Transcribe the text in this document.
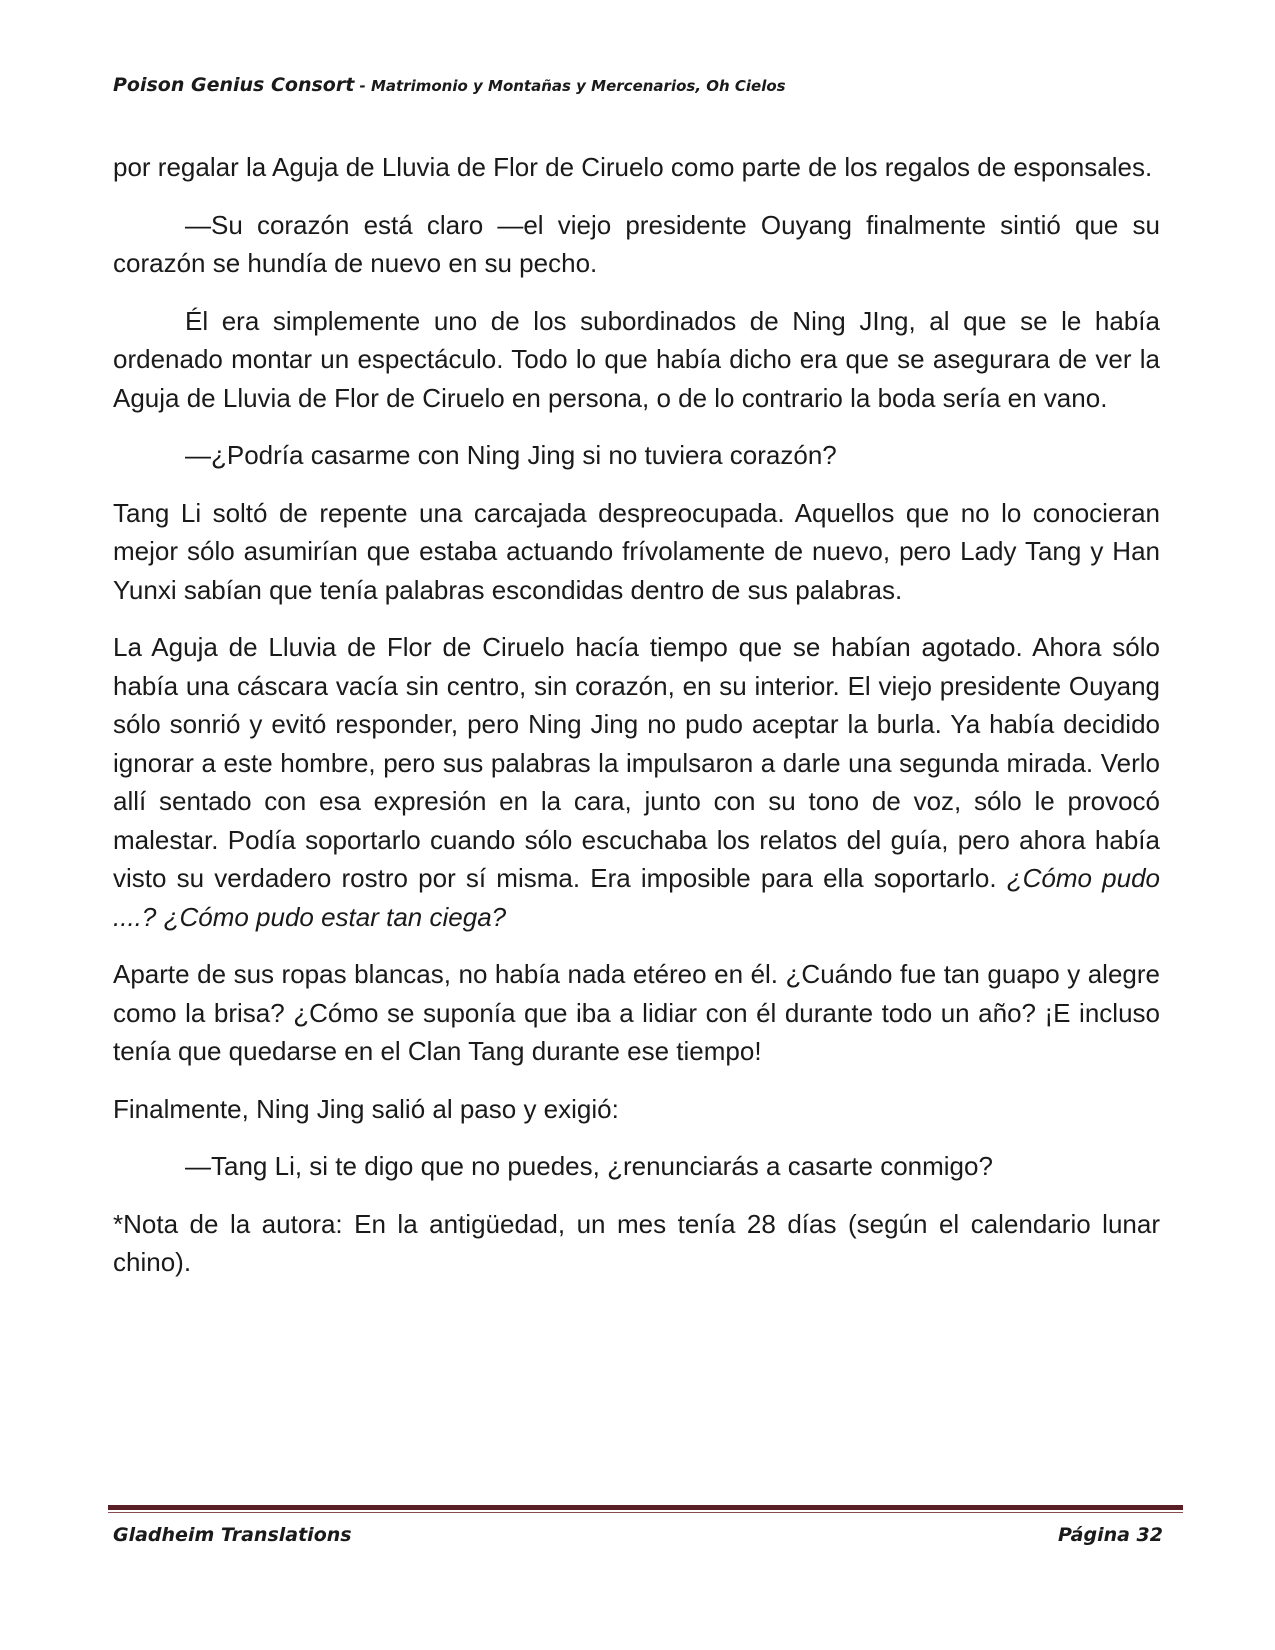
Poison Genius Consort - Matrimonio y Montañas y Mercenarios, Oh Cielos

por regalar la Aguja de Lluvia de Flor de Ciruelo como parte de los regalos de esponsales.

—Su corazón está claro —el viejo presidente Ouyang finalmente sintió que su corazón se hundía de nuevo en su pecho.

Él era simplemente uno de los subordinados de Ning JIng, al que se le había ordenado montar un espectáculo. Todo lo que había dicho era que se asegurara de ver la Aguja de Lluvia de Flor de Ciruelo en persona, o de lo contrario la boda sería en vano.

—¿Podría casarme con Ning Jing si no tuviera corazón?

Tang Li soltó de repente una carcajada despreocupada. Aquellos que no lo conocieran mejor sólo asumirían que estaba actuando frívolamente de nuevo, pero Lady Tang y Han Yunxi sabían que tenía palabras escondidas dentro de sus palabras.

La Aguja de Lluvia de Flor de Ciruelo hacía tiempo que se habían agotado. Ahora sólo había una cáscara vacía sin centro, sin corazón, en su interior. El viejo presidente Ouyang sólo sonrió y evitó responder, pero Ning Jing no pudo aceptar la burla. Ya había decidido ignorar a este hombre, pero sus palabras la impulsaron a darle una segunda mirada. Verlo allí sentado con esa expresión en la cara, junto con su tono de voz, sólo le provocó malestar. Podía soportarlo cuando sólo escuchaba los relatos del guía, pero ahora había visto su verdadero rostro por sí misma. Era imposible para ella soportarlo. ¿Cómo pudo ....? ¿Cómo pudo estar tan ciega?

Aparte de sus ropas blancas, no había nada etéreo en él. ¿Cuándo fue tan guapo y alegre como la brisa? ¿Cómo se suponía que iba a lidiar con él durante todo un año? ¡E incluso tenía que quedarse en el Clan Tang durante ese tiempo!

Finalmente, Ning Jing salió al paso y exigió:

—Tang Li, si te digo que no puedes, ¿renunciarás a casarte conmigo?

*Nota de la autora: En la antigüedad, un mes tenía 28 días (según el calendario lunar chino).

Gladheim Translations	Página 32
